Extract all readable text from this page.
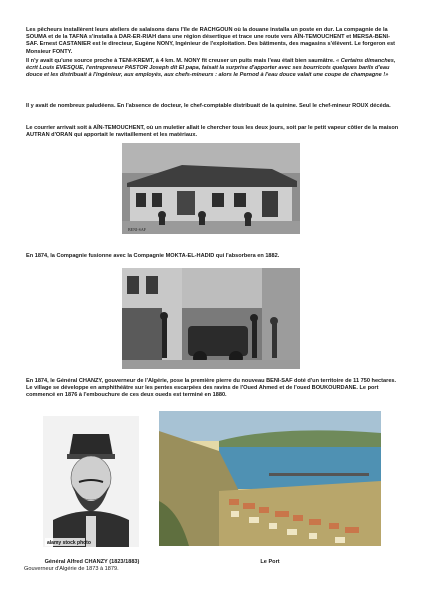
Les pêcheurs installèrent leurs ateliers de salaisons dans l'île de RACHGOUN où la douane installa un poste en dur. La compagnie de la SOUMA et de la TAFNA s'installa à DAR-ER-RIAH dans une région désertique et trace une route vers AÏN-TEMOUCHENT et MERSA-BENI-SAF. Ernest CASTANIER est le directeur, Eugène NONY, Ingénieur de l'exploitation. Des bâtiments, des magasins s'élèvent. Le forgeron est Monsieur FONTY.

Il n'y avait qu'une source proche à TENI-KREMT, à 4 km. M. NONY fit creuser un puits mais l'eau était bien saumâtre. « Certains dimanches, écrit Louis EVESQUE, l'entrepreneur PASTOR Joseph dit El papa, faisait la surprise d'apporter avec ses bourricots quelques barils d'eau douce et les distribuait à l'ingénieur, aux employés, aux chefs-mineurs : alors le Pernod à l'eau douce valait une coupe de champagne !»

Il y avait de nombreux paludéens. En l'absence de docteur, le chef-comptable distribuait de la quinine. Seul le chef-mineur ROUX décéda.

Le courrier arrivait soit à AÏN-TEMOUCHENT, où un muletier allait le chercher tous les deux jours, soit par le petit vapeur côtier de la maison AUTRAN d'ORAN qui apportait le ravitaillement et les matériaux.

BENI-SAF

En 1874, la Compagnie fusionne avec la Compagnie MOKTA-EL-HADID qui l'absorbera en 1882.

En 1874, le Général CHANZY, gouverneur de l'Algérie, pose la première pierre du nouveau BENI-SAF doté d'un territoire de 11 750 hectares. Le village se développe en amphithéâtre sur les pentes escarpées des ravins de l'Oued Ahmed et de l'oued BOUKOURDANE. Le port commencé en 1876 à l'embouchure de ces deux oueds est terminé en 1880.

alamy stock photo
Général Alfred CHANZY (1823/1883)
Gouverneur d'Algérie de 1873 à 1879.
Le Port
